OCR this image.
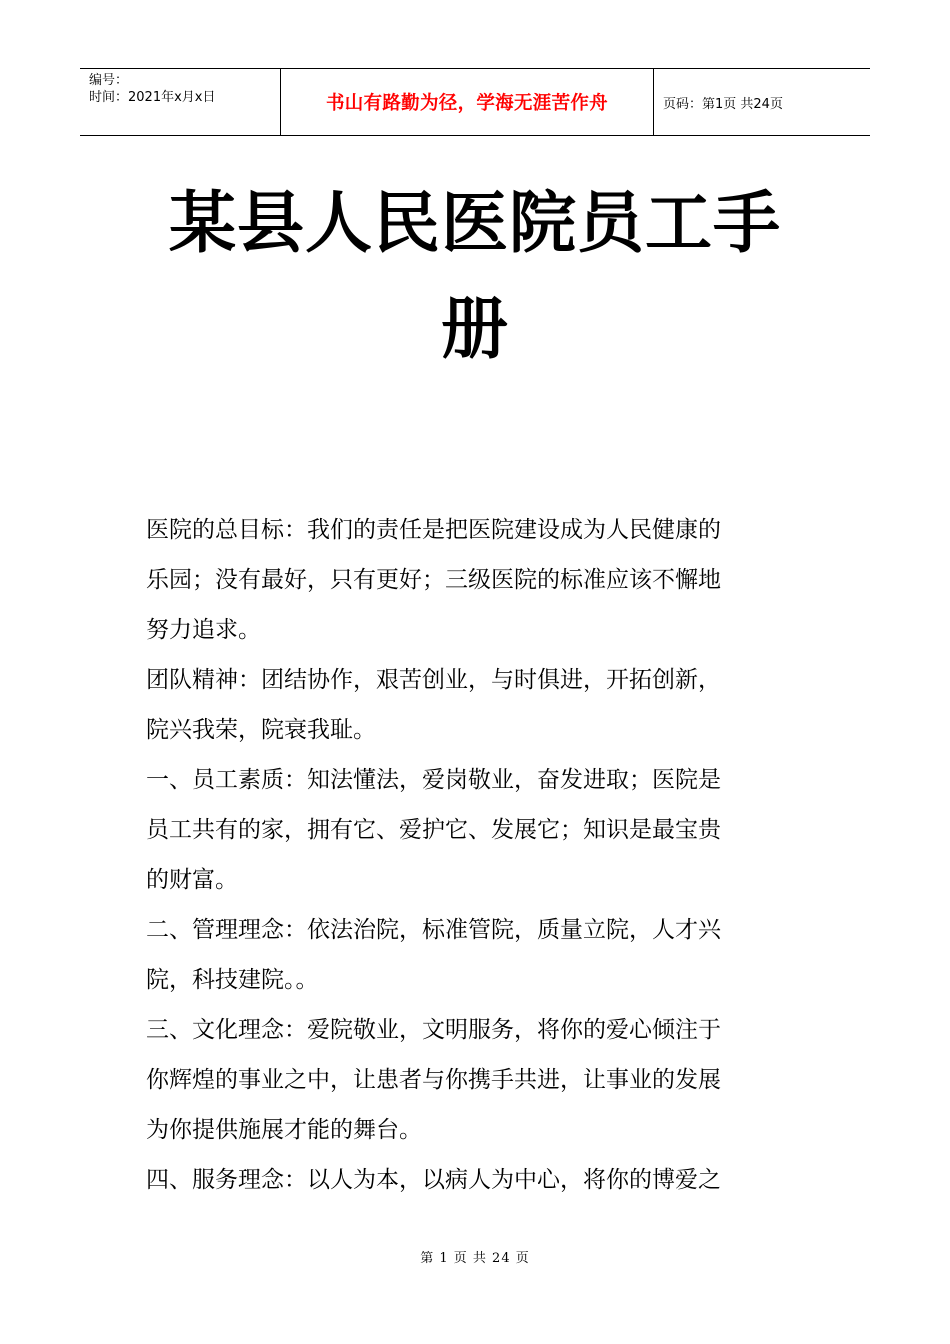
编号：
时间：2021年x月x日	书山有路勤为径，学海无涯苦作舟	页码：第1页 共24页
某县人民医院员工手
册

医院的总目标：我们的责任是把医院建设成为人民健康的

乐园；没有最好，只有更好；三级医院的标准应该不懈地

努力追求。

团队精神：团结协作，艰苦创业，与时俱进，开拓创新，

院兴我荣，院衰我耻。

一、员工素质：知法懂法，爱岗敬业，奋发进取；医院是

员工共有的家，拥有它、爱护它、发展它；知识是最宝贵

的财富。

二、管理理念：依法治院，标准管院，质量立院，人才兴

院，科技建院。。

三、文化理念：爱院敬业，文明服务，将你的爱心倾注于

你辉煌的事业之中，让患者与你携手共进，让事业的发展

为你提供施展才能的舞台。

四、服务理念：以人为本，以病人为中心，将你的博爱之

第 1 页 共 24 页
